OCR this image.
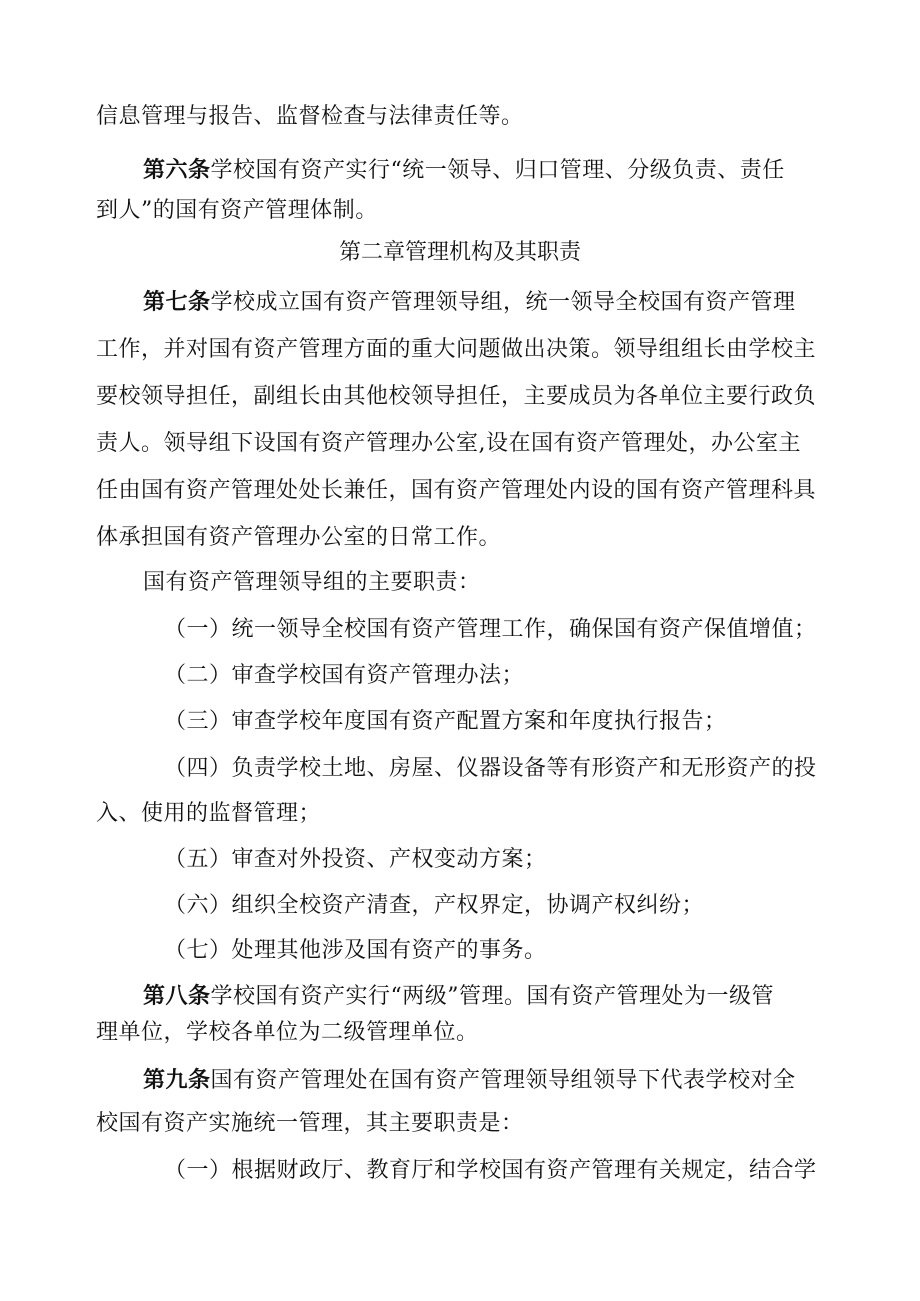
信息管理与报告、监督检查与法律责任等。
第六条学校国有资产实行“统一领导、归口管理、分级负责、责任
到人”的国有资产管理体制。
第二章管理机构及其职责
第七条学校成立国有资产管理领导组，统一领导全校国有资产管理
工作，并对国有资产管理方面的重大问题做出决策。领导组组长由学校主
要校领导担任，副组长由其他校领导担任，主要成员为各单位主要行政负
责人。领导组下设国有资产管理办公室,设在国有资产管理处，办公室主
任由国有资产管理处处长兼任，国有资产管理处内设的国有资产管理科具
体承担国有资产管理办公室的日常工作。
国有资产管理领导组的主要职责：
（一）统一领导全校国有资产管理工作，确保国有资产保值增值；
（二）审查学校国有资产管理办法；
（三）审查学校年度国有资产配置方案和年度执行报告；
（四）负责学校土地、房屋、仪器设备等有形资产和无形资产的投
入、使用的监督管理；
（五）审查对外投资、产权变动方案；
（六）组织全校资产清查，产权界定，协调产权纠纷；
（七）处理其他涉及国有资产的事务。
第八条学校国有资产实行“两级”管理。国有资产管理处为一级管
理单位，学校各单位为二级管理单位。
第九条国有资产管理处在国有资产管理领导组领导下代表学校对全
校国有资产实施统一管理，其主要职责是：
（一）根据财政厅、教育厅和学校国有资产管理有关规定，结合学
